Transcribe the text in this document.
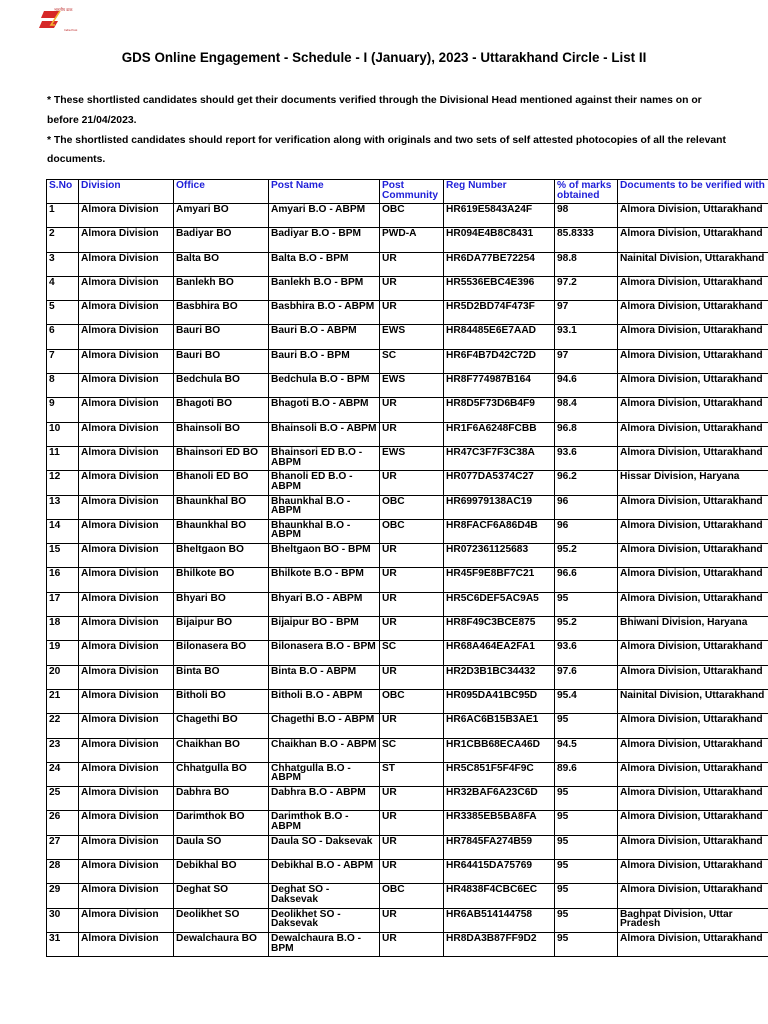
भारतीय डाक
India Post
GDS Online Engagement - Schedule - I (January), 2023 - Uttarakhand Circle - List II

* These shortlisted candidates should get their documents verified through the Divisional Head mentioned against their names on or before 21/04/2023.

* The shortlisted candidates should report for verification along with originals and two sets of self attested photocopies of all the relevant documents.

S.No	Division	Office	Post Name	Post Community	Reg Number	% of marks obtained	Documents to be verified with
1	Almora Division	Amyari BO	Amyari B.O - ABPM	OBC	HR619E5843A24F	98	Almora Division, Uttarakhand
2	Almora Division	Badiyar BO	Badiyar B.O - BPM	PWD-A	HR094E4B8C8431	85.8333	Almora Division, Uttarakhand
3	Almora Division	Balta BO	Balta B.O - BPM	UR	HR6DA77BE72254	98.8	Nainital Division, Uttarakhand
4	Almora Division	Banlekh BO	Banlekh B.O - BPM	UR	HR5536EBC4E396	97.2	Almora Division, Uttarakhand
5	Almora Division	Basbhira BO	Basbhira B.O - ABPM	UR	HR5D2BD74F473F	97	Almora Division, Uttarakhand
6	Almora Division	Bauri BO	Bauri B.O - ABPM	EWS	HR84485E6E7AAD	93.1	Almora Division, Uttarakhand
7	Almora Division	Bauri BO	Bauri B.O - BPM	SC	HR6F4B7D42C72D	97	Almora Division, Uttarakhand
8	Almora Division	Bedchula BO	Bedchula B.O - BPM	EWS	HR8F774987B164	94.6	Almora Division, Uttarakhand
9	Almora Division	Bhagoti BO	Bhagoti B.O - ABPM	UR	HR8D5F73D6B4F9	98.4	Almora Division, Uttarakhand
10	Almora Division	Bhainsoli BO	Bhainsoli B.O - ABPM	UR	HR1F6A6248FCBB	96.8	Almora Division, Uttarakhand
11	Almora Division	Bhainsori ED BO	Bhainsori ED B.O - ABPM	EWS	HR47C3F7F3C38A	93.6	Almora Division, Uttarakhand
12	Almora Division	Bhanoli ED BO	Bhanoli ED B.O - ABPM	UR	HR077DA5374C27	96.2	Hissar Division, Haryana
13	Almora Division	Bhaunkhal BO	Bhaunkhal B.O - ABPM	OBC	HR69979138AC19	96	Almora Division, Uttarakhand
14	Almora Division	Bhaunkhal BO	Bhaunkhal B.O - ABPM	OBC	HR8FACF6A86D4B	96	Almora Division, Uttarakhand
15	Almora Division	Bheltgaon BO	Bheltgaon BO - BPM	UR	HR072361125683	95.2	Almora Division, Uttarakhand
16	Almora Division	Bhilkote BO	Bhilkote B.O - BPM	UR	HR45F9E8BF7C21	96.6	Almora Division, Uttarakhand
17	Almora Division	Bhyari BO	Bhyari B.O - ABPM	UR	HR5C6DEF5AC9A5	95	Almora Division, Uttarakhand
18	Almora Division	Bijaipur BO	Bijaipur BO - BPM	UR	HR8F49C3BCE875	95.2	Bhiwani Division, Haryana
19	Almora Division	Bilonasera BO	Bilonasera B.O - BPM	SC	HR68A464EA2FA1	93.6	Almora Division, Uttarakhand
20	Almora Division	Binta BO	Binta B.O - ABPM	UR	HR2D3B1BC34432	97.6	Almora Division, Uttarakhand
21	Almora Division	Bitholi BO	Bitholi B.O - ABPM	OBC	HR095DA41BC95D	95.4	Nainital Division, Uttarakhand
22	Almora Division	Chagethi BO	Chagethi B.O - ABPM	UR	HR6AC6B15B3AE1	95	Almora Division, Uttarakhand
23	Almora Division	Chaikhan BO	Chaikhan B.O - ABPM	SC	HR1CBB68ECA46D	94.5	Almora Division, Uttarakhand
24	Almora Division	Chhatgulla BO	Chhatgulla B.O - ABPM	ST	HR5C851F5F4F9C	89.6	Almora Division, Uttarakhand
25	Almora Division	Dabhra BO	Dabhra B.O - ABPM	UR	HR32BAF6A23C6D	95	Almora Division, Uttarakhand
26	Almora Division	Darimthok BO	Darimthok B.O - ABPM	UR	HR3385EB5BA8FA	95	Almora Division, Uttarakhand
27	Almora Division	Daula SO	Daula SO - Daksevak	UR	HR7845FA274B59	95	Almora Division, Uttarakhand
28	Almora Division	Debikhal BO	Debikhal B.O - ABPM	UR	HR64415DA75769	95	Almora Division, Uttarakhand
29	Almora Division	Deghat SO	Deghat SO - Daksevak	OBC	HR4838F4CBC6EC	95	Almora Division, Uttarakhand
30	Almora Division	Deolikhet SO	Deolikhet SO - Daksevak	UR	HR6AB514144758	95	Baghpat Division, Uttar Pradesh
31	Almora Division	Dewalchaura BO	Dewalchaura B.O - BPM	UR	HR8DA3B87FF9D2	95	Almora Division, Uttarakhand
